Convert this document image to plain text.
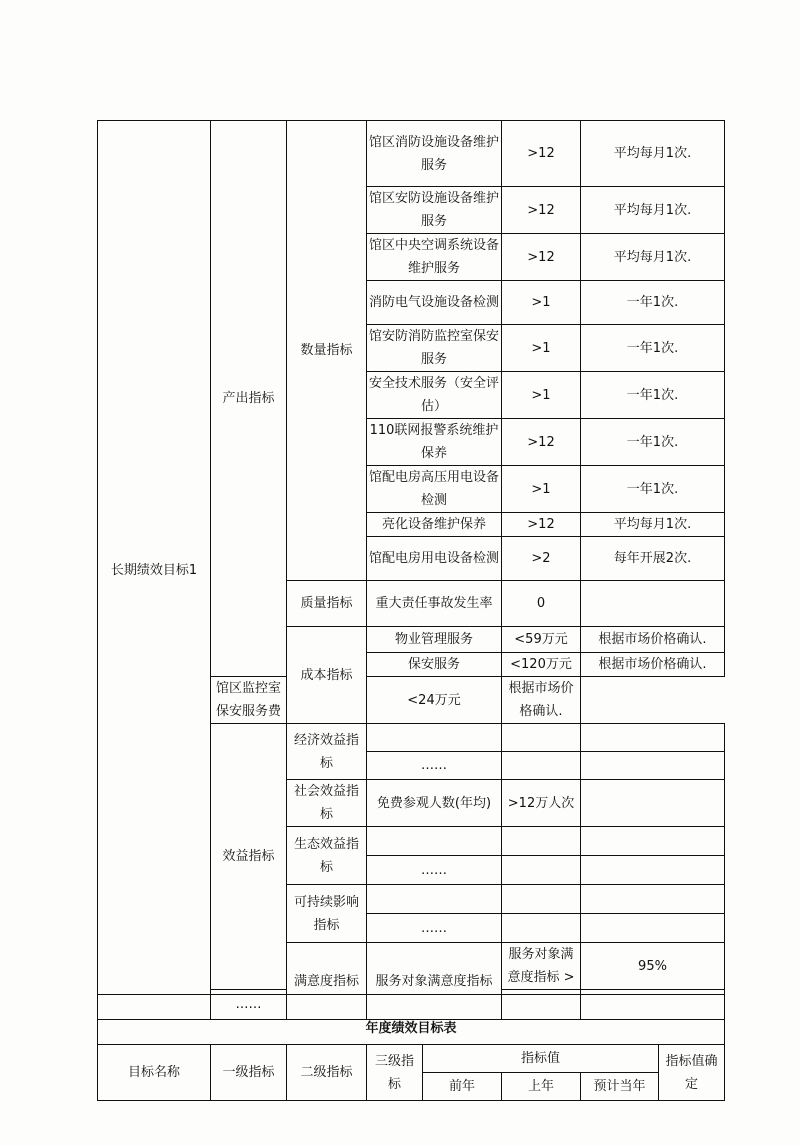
长期绩效目标1	产出指标	数量指标	馆区消防设施设备维护服务	>12	平均每月1次.	
			馆区安防设施设备维护服务	>12	平均每月1次.	
			馆区中央空调系统设备维护服务	>12	平均每月1次.	
			消防电气设施设备检测	>1	一年1次.	
			馆安防消防监控室保安服务	>1	一年1次.	
			安全技术服务（安全评估）	>1	一年1次.	
			110联网报警系统维护保养	>12	一年1次.	
			馆配电房高压用电设备检测	>1	一年1次.	
			亮化设备维护保养	>12	平均每月1次.	
			馆配电房用电设备检测	>2	每年开展2次.	
		质量指标	重大责任事故发生率	0		
		成本指标	物业管理服务	<59万元	根据市场价格确认.	
			保安服务	<120万元	根据市场价格确认.	
	馆区监控室保安服务费		<24万元	根据市场价格确认.		
	效益指标	经济效益指标				
			……			
		社会效益指标	免费参观人数(年均)	>12万人次		
		生态效益指标				
			……			
		可持续影响指标				
			……			
		满意度指标	服务对象满意度指标	服务对象满意度指标 >	95%	
	……					
年度绩效目标表							
目标名称	一级指标	二级指标	三级指标	指标值			指标值确定
				前年	上年	预计当年	
